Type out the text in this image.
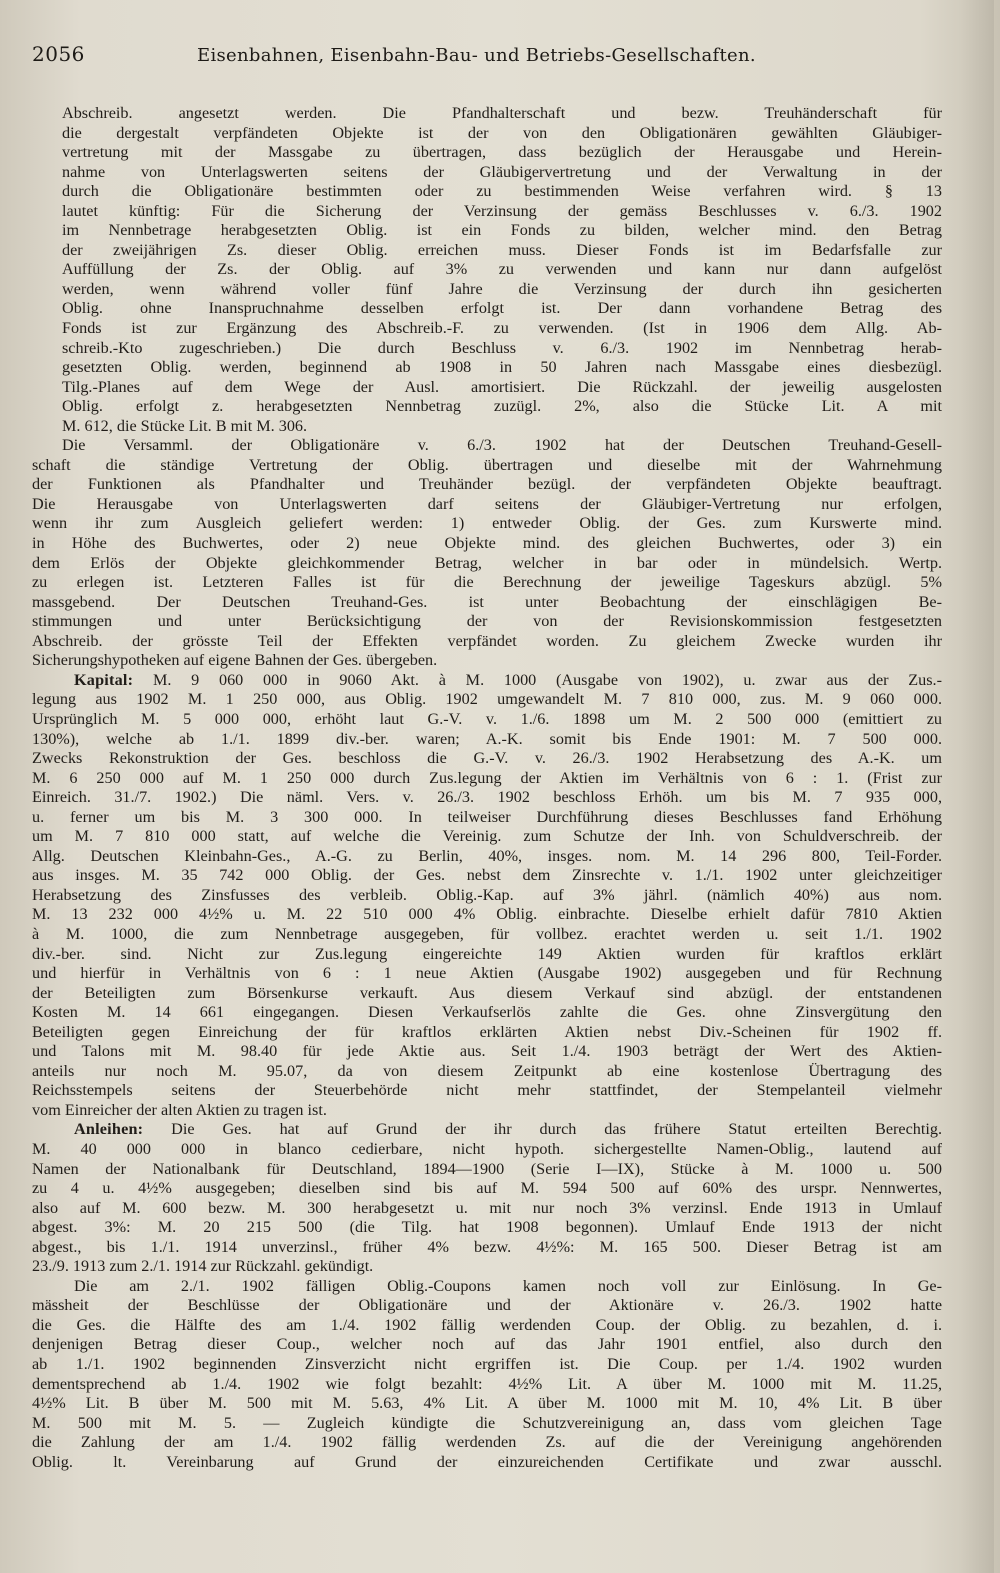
2056	Eisenbahnen, Eisenbahn-Bau- und Betriebs-Gesellschaften.
Abschreib. angesetzt werden. Die Pfandhalterschaft und bezw. Treuhänderschaft für
die dergestalt verpfändeten Objekte ist der von den Obligationären gewählten Gläubiger-
vertretung mit der Massgabe zu übertragen, dass bezüglich der Herausgabe und Herein-
nahme von Unterlagswerten seitens der Gläubigervertretung und der Verwaltung in der
durch die Obligationäre bestimmten oder zu bestimmenden Weise verfahren wird. § 13
lautet künftig: Für die Sicherung der Verzinsung der gemäss Beschlusses v. 6./3. 1902
im Nennbetrage herabgesetzten Oblig. ist ein Fonds zu bilden, welcher mind. den Betrag
der zweijährigen Zs. dieser Oblig. erreichen muss. Dieser Fonds ist im Bedarfsfalle zur
Auffüllung der Zs. der Oblig. auf 3% zu verwenden und kann nur dann aufgelöst
werden, wenn während voller fünf Jahre die Verzinsung der durch ihn gesicherten
Oblig. ohne Inanspruchnahme desselben erfolgt ist. Der dann vorhandene Betrag des
Fonds ist zur Ergänzung des Abschreib.-F. zu verwenden. (Ist in 1906 dem Allg. Ab-
schreib.-Kto zugeschrieben.) Die durch Beschluss v. 6./3. 1902 im Nennbetrag herab-
gesetzten Oblig. werden, beginnend ab 1908 in 50 Jahren nach Massgabe eines diesbezügl.
Tilg.-Planes auf dem Wege der Ausl. amortisiert. Die Rückzahl. der jeweilig ausgelosten
Oblig. erfolgt z. herabgesetzten Nennbetrag zuzügl. 2%, also die Stücke Lit. A mit
M. 612, die Stücke Lit. B mit M. 306.
Die Versamml. der Obligationäre v. 6./3. 1902 hat der Deutschen Treuhand-Gesell-
schaft die ständige Vertretung der Oblig. übertragen und dieselbe mit der Wahrnehmung
der Funktionen als Pfandhalter und Treuhänder bezügl. der verpfändeten Objekte beauftragt.
Die Herausgabe von Unterlagswerten darf seitens der Gläubiger-Vertretung nur erfolgen,
wenn ihr zum Ausgleich geliefert werden: 1) entweder Oblig. der Ges. zum Kurswerte mind.
in Höhe des Buchwertes, oder 2) neue Objekte mind. des gleichen Buchwertes, oder 3) ein
dem Erlös der Objekte gleichkommender Betrag, welcher in bar oder in mündelsich. Wertp.
zu erlegen ist. Letzteren Falles ist für die Berechnung der jeweilige Tageskurs abzügl. 5%
massgebend. Der Deutschen Treuhand-Ges. ist unter Beobachtung der einschlägigen Be-
stimmungen und unter Berücksichtigung der von der Revisionskommission festgesetzten
Abschreib. der grösste Teil der Effekten verpfändet worden. Zu gleichem Zwecke wurden ihr
Sicherungshypotheken auf eigene Bahnen der Ges. übergeben.
Kapital: M. 9 060 000 in 9060 Akt. à M. 1000 (Ausgabe von 1902), u. zwar aus der Zus.-
legung aus 1902 M. 1 250 000, aus Oblig. 1902 umgewandelt M. 7 810 000, zus. M. 9 060 000.
Ursprünglich M. 5 000 000, erhöht laut G.-V. v. 1./6. 1898 um M. 2 500 000 (emittiert zu
130%), welche ab 1./1. 1899 div.-ber. waren; A.-K. somit bis Ende 1901: M. 7 500 000.
Zwecks Rekonstruktion der Ges. beschloss die G.-V. v. 26./3. 1902 Herabsetzung des A.-K. um
M. 6 250 000 auf M. 1 250 000 durch Zus.legung der Aktien im Verhältnis von 6 : 1. (Frist zur
Einreich. 31./7. 1902.) Die näml. Vers. v. 26./3. 1902 beschloss Erhöh. um bis M. 7 935 000,
u. ferner um bis M. 3 300 000. In teilweiser Durchführung dieses Beschlusses fand Erhöhung
um M. 7 810 000 statt, auf welche die Vereinig. zum Schutze der Inh. von Schuldverschreib. der
Allg. Deutschen Kleinbahn-Ges., A.-G. zu Berlin, 40%, insges. nom. M. 14 296 800, Teil-Forder.
aus insges. M. 35 742 000 Oblig. der Ges. nebst dem Zinsrechte v. 1./1. 1902 unter gleichzeitiger
Herabsetzung des Zinsfusses des verbleib. Oblig.-Kap. auf 3% jährl. (nämlich 40%) aus nom.
M. 13 232 000 4½% u. M. 22 510 000 4% Oblig. einbrachte. Dieselbe erhielt dafür 7810 Aktien
à M. 1000, die zum Nennbetrage ausgegeben, für vollbez. erachtet werden u. seit 1./1. 1902
div.-ber. sind. Nicht zur Zus.legung eingereichte 149 Aktien wurden für kraftlos erklärt
und hierfür in Verhältnis von 6 : 1 neue Aktien (Ausgabe 1902) ausgegeben und für Rechnung
der Beteiligten zum Börsenkurse verkauft. Aus diesem Verkauf sind abzügl. der entstandenen
Kosten M. 14 661 eingegangen. Diesen Verkaufserlös zahlte die Ges. ohne Zinsvergütung den
Beteiligten gegen Einreichung der für kraftlos erklärten Aktien nebst Div.-Scheinen für 1902 ff.
und Talons mit M. 98.40 für jede Aktie aus. Seit 1./4. 1903 beträgt der Wert des Aktien-
anteils nur noch M. 95.07, da von diesem Zeitpunkt ab eine kostenlose Übertragung des
Reichsstempels seitens der Steuerbehörde nicht mehr stattfindet, der Stempelanteil vielmehr
vom Einreicher der alten Aktien zu tragen ist.
Anleihen: Die Ges. hat auf Grund der ihr durch das frühere Statut erteilten Berechtig.
M. 40 000 000 in blanco cedierbare, nicht hypoth. sichergestellte Namen-Oblig., lautend auf
Namen der Nationalbank für Deutschland, 1894—1900 (Serie I—IX), Stücke à M. 1000 u. 500
zu 4 u. 4½% ausgegeben; dieselben sind bis auf M. 594 500 auf 60% des urspr. Nennwertes,
also auf M. 600 bezw. M. 300 herabgesetzt u. mit nur noch 3% verzinsl. Ende 1913 in Umlauf
abgest. 3%: M. 20 215 500 (die Tilg. hat 1908 begonnen). Umlauf Ende 1913 der nicht
abgest., bis 1./1. 1914 unverzinsl., früher 4% bezw. 4½%: M. 165 500. Dieser Betrag ist am
23./9. 1913 zum 2./1. 1914 zur Rückzahl. gekündigt.
Die am 2./1. 1902 fälligen Oblig.-Coupons kamen noch voll zur Einlösung. In Ge-
mässheit der Beschlüsse der Obligationäre und der Aktionäre v. 26./3. 1902 hatte
die Ges. die Hälfte des am 1./4. 1902 fällig werdenden Coup. der Oblig. zu bezahlen, d. i.
denjenigen Betrag dieser Coup., welcher noch auf das Jahr 1901 entfiel, also durch den
ab 1./1. 1902 beginnenden Zinsverzicht nicht ergriffen ist. Die Coup. per 1./4. 1902 wurden
dementsprechend ab 1./4. 1902 wie folgt bezahlt: 4½% Lit. A über M. 1000 mit M. 11.25,
4½% Lit. B über M. 500 mit M. 5.63, 4% Lit. A über M. 1000 mit M. 10, 4% Lit. B über
M. 500 mit M. 5. — Zugleich kündigte die Schutzvereinigung an, dass vom gleichen Tage
die Zahlung der am 1./4. 1902 fällig werdenden Zs. auf die der Vereinigung angehörenden
Oblig. lt. Vereinbarung auf Grund der einzureichenden Certifikate und zwar ausschl.
